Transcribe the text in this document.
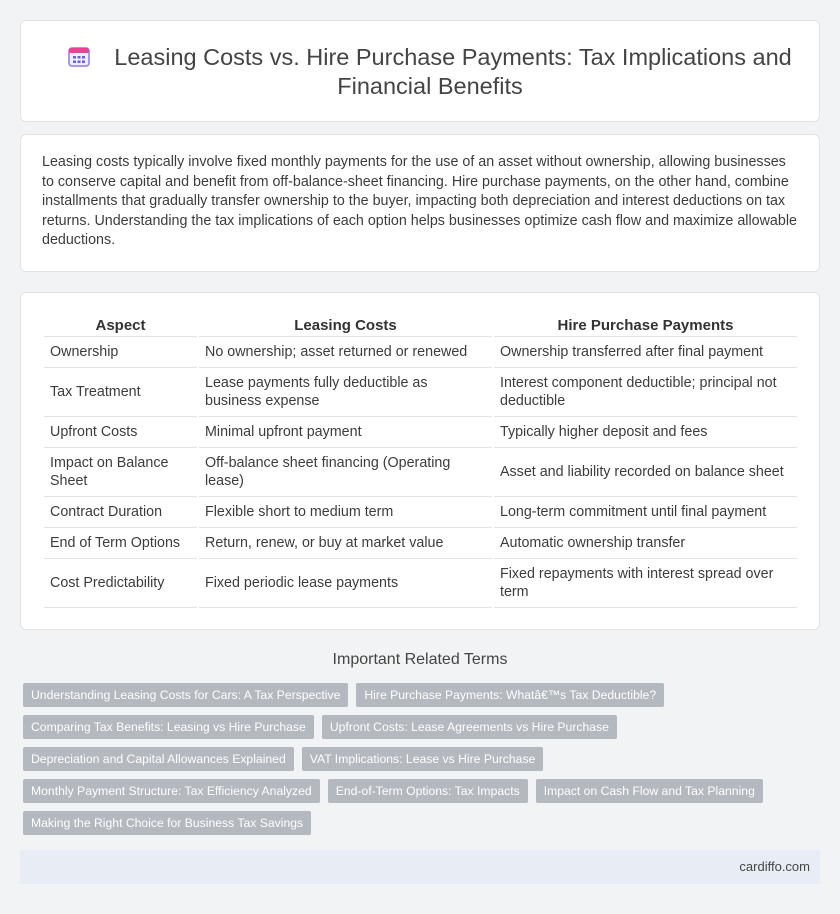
Leasing Costs vs. Hire Purchase Payments: Tax Implications and Financial Benefits

Leasing costs typically involve fixed monthly payments for the use of an asset without ownership, allowing businesses to conserve capital and benefit from off-balance-sheet financing. Hire purchase payments, on the other hand, combine installments that gradually transfer ownership to the buyer, impacting both depreciation and interest deductions on tax returns. Understanding the tax implications of each option helps businesses optimize cash flow and maximize allowable deductions.

Aspect	Leasing Costs	Hire Purchase Payments
Ownership	No ownership; asset returned or renewed	Ownership transferred after final payment
Tax Treatment	Lease payments fully deductible as business expense	Interest component deductible; principal not deductible
Upfront Costs	Minimal upfront payment	Typically higher deposit and fees
Impact on Balance Sheet	Off-balance sheet financing (Operating lease)	Asset and liability recorded on balance sheet
Contract Duration	Flexible short to medium term	Long-term commitment until final payment
End of Term Options	Return, renew, or buy at market value	Automatic ownership transfer
Cost Predictability	Fixed periodic lease payments	Fixed repayments with interest spread over term
Important Related Terms
Understanding Leasing Costs for Cars: A Tax Perspective	Hire Purchase Payments: Whatâ€™s Tax Deductible?
Comparing Tax Benefits: Leasing vs Hire Purchase	Upfront Costs: Lease Agreements vs Hire Purchase
Depreciation and Capital Allowances Explained	VAT Implications: Lease vs Hire Purchase
Monthly Payment Structure: Tax Efficiency Analyzed	End-of-Term Options: Tax Impacts	Impact on Cash Flow and Tax Planning
Making the Right Choice for Business Tax Savings
cardiffo.com
